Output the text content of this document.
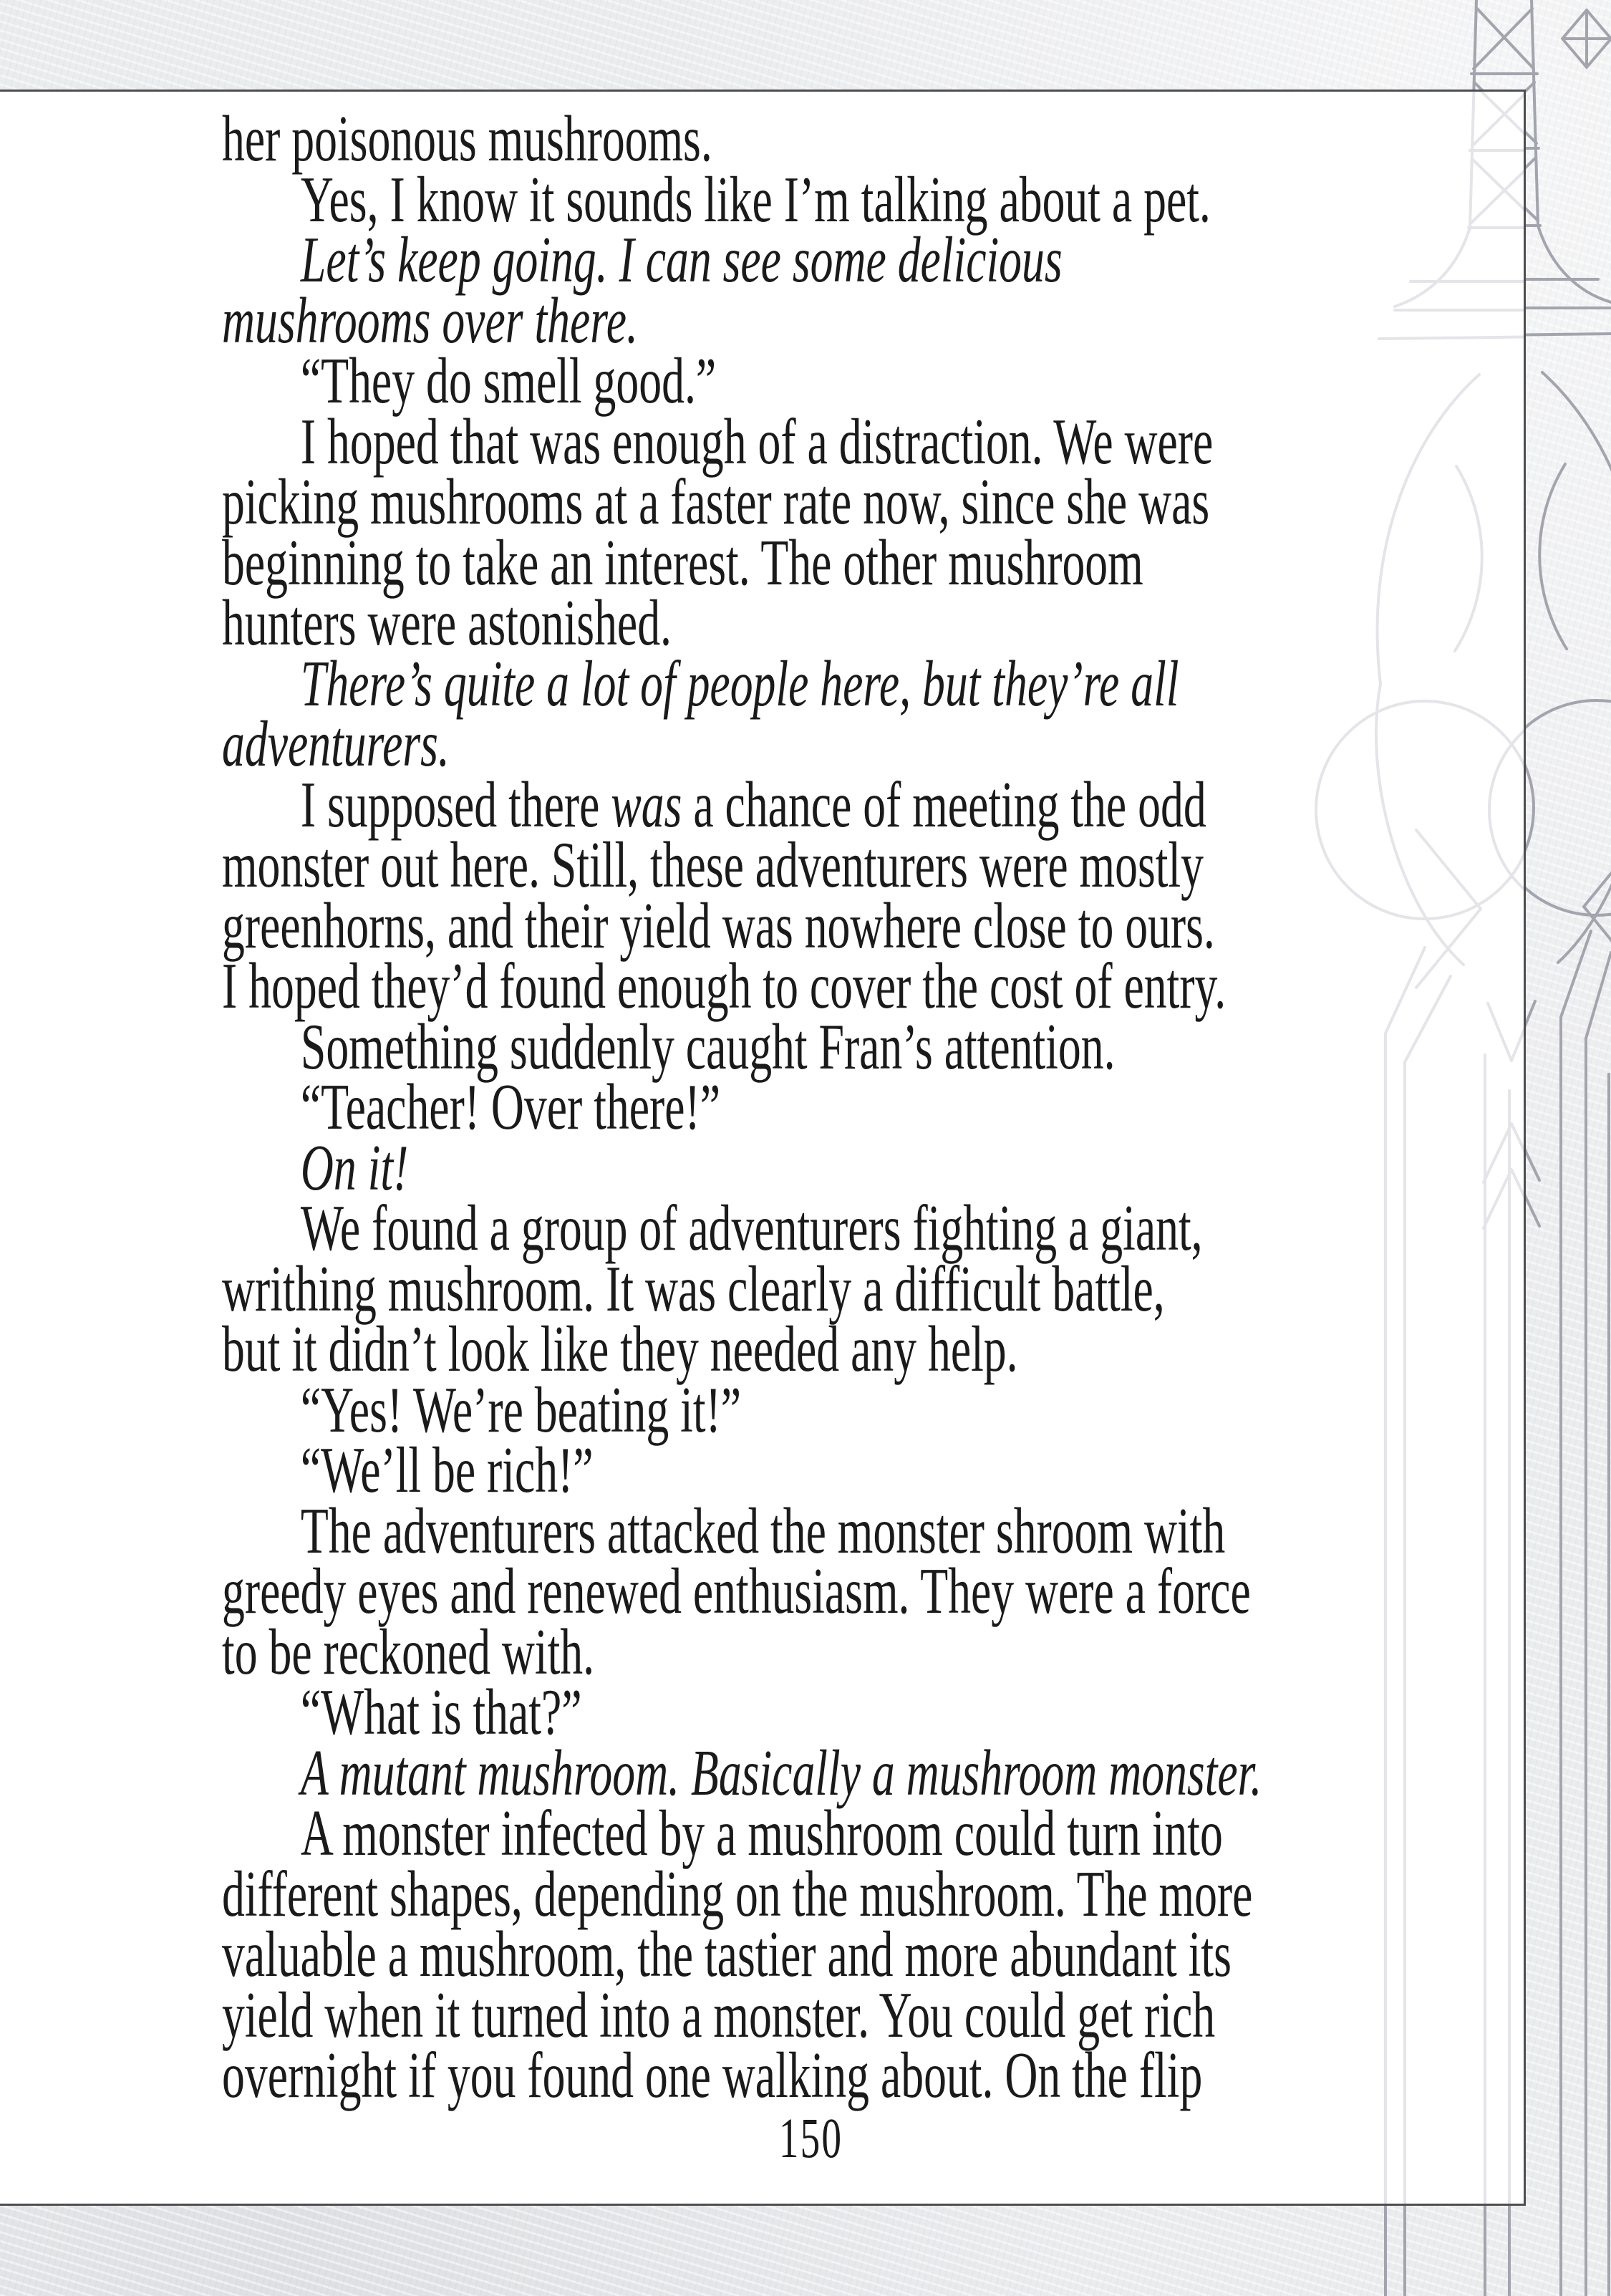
her poisonous mushrooms.
Yes, I know it sounds like I’m talking about a pet.
Let’s keep going. I can see some delicious
mushrooms over there.
“They do smell good.”
I hoped that was enough of a distraction. We were
picking mushrooms at a faster rate now, since she was
beginning to take an interest. The other mushroom
hunters were astonished.
There’s quite a lot of people here, but they’re all
adventurers.
I supposed there was a chance of meeting the odd
monster out here. Still, these adventurers were mostly
greenhorns, and their yield was nowhere close to ours.
I hoped they’d found enough to cover the cost of entry.
Something suddenly caught Fran’s attention.
“Teacher! Over there!”
On it!
We found a group of adventurers fighting a giant,
writhing mushroom. It was clearly a difficult battle,
but it didn’t look like they needed any help.
“Yes! We’re beating it!”
“We’ll be rich!”
The adventurers attacked the monster shroom with
greedy eyes and renewed enthusiasm. They were a force
to be reckoned with.
“What is that?”
A mutant mushroom. Basically a mushroom monster.
A monster infected by a mushroom could turn into
different shapes, depending on the mushroom. The more
valuable a mushroom, the tastier and more abundant its
yield when it turned into a monster. You could get rich
overnight if you found one walking about. On the flip
150
